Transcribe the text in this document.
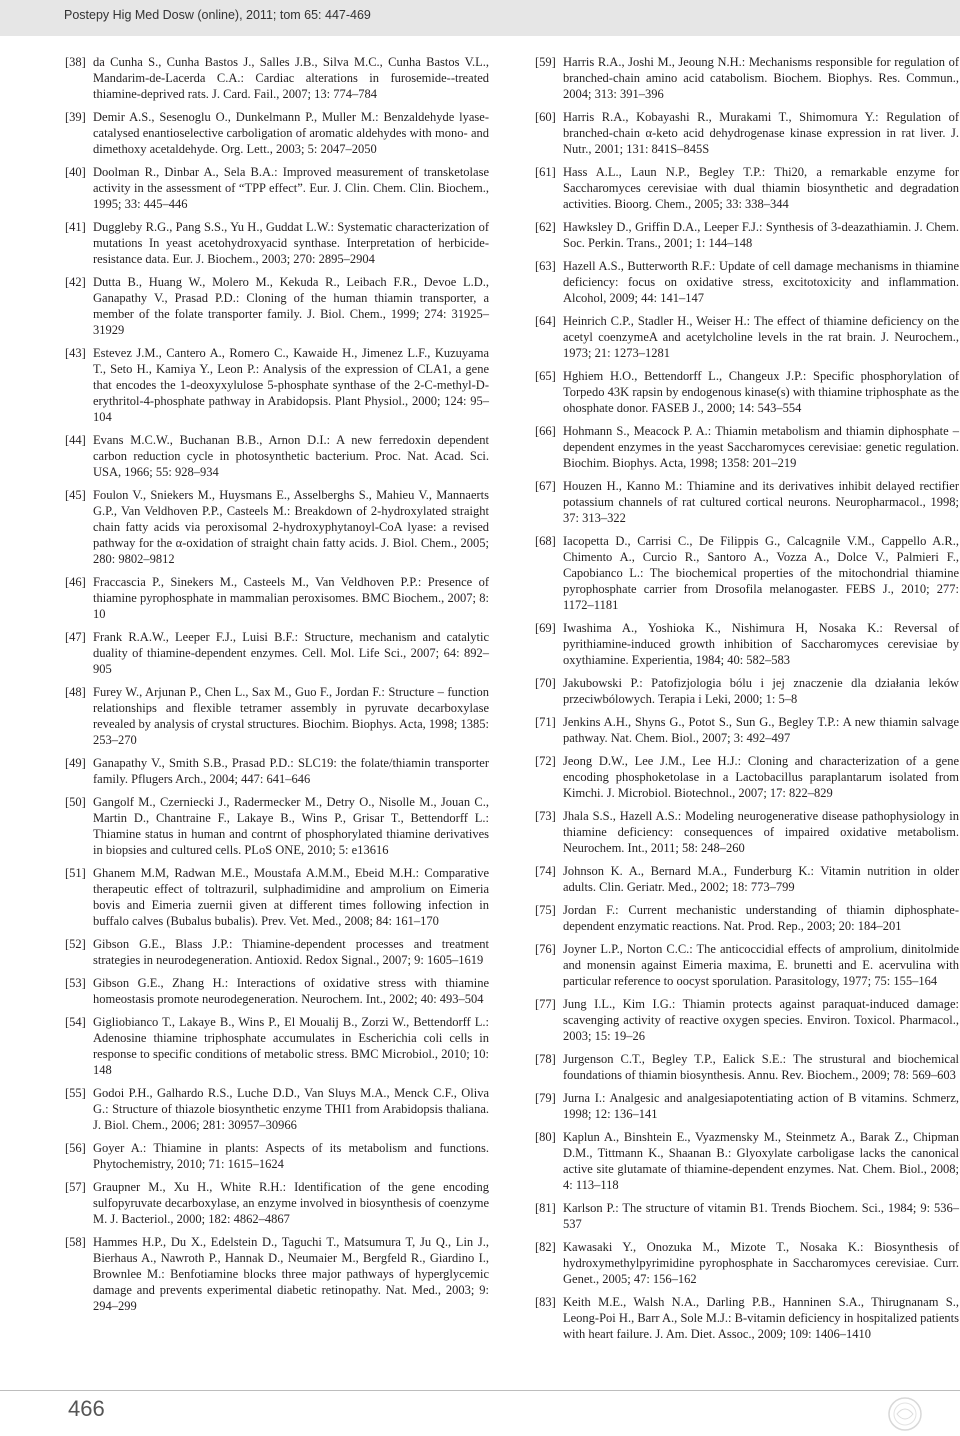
Postepy Hig Med Dosw (online), 2011; tom 65: 447-469

[38] da Cunha S., Cunha Bastos J., Salles J.B., Silva M.C., Cunha Bastos V.L., Mandarim-de-Lacerda C.A.: Cardiac alterations in furosemide--treated thiamine-deprived rats. J. Card. Fail., 2007; 13: 774–784

[39] Demir A.S., Sesenoglu O., Dunkelmann P., Muller M.: Benzaldehyde lyase-catalysed enantioselective carboligation of aromatic aldehydes with mono- and dimethoxy acetaldehyde. Org. Lett., 2003; 5: 2047–2050

[40] Doolman R., Dinbar A., Sela B.A.: Improved measurement of transketolase activity in the assessment of “TPP effect”. Eur. J. Clin. Chem. Clin. Biochem., 1995; 33: 445–446

[41] Duggleby R.G., Pang S.S., Yu H., Guddat L.W.: Systematic characterization of mutations In yeast acetohydroxyacid synthase. Interpretation of herbicide-resistance data. Eur. J. Biochem., 2003; 270: 2895–2904

[42] Dutta B., Huang W., Molero M., Kekuda R., Leibach F.R., Devoe L.D., Ganapathy V., Prasad P.D.: Cloning of the human thiamin transporter, a member of the folate transporter family. J. Biol. Chem., 1999; 274: 31925–31929

[43] Estevez J.M., Cantero A., Romero C., Kawaide H., Jimenez L.F., Kuzuyama T., Seto H., Kamiya Y., Leon P.: Analysis of the expression of CLA1, a gene that encodes the 1-deoxyxylulose 5-phosphate synthase of the 2-C-methyl-D-erythritol-4-phosphate pathway in Arabidopsis. Plant Physiol., 2000; 124: 95–104

[44] Evans M.C.W., Buchanan B.B., Arnon D.I.: A new ferredoxin dependent carbon reduction cycle in photosynthetic bacterium. Proc. Nat. Acad. Sci. USA, 1966; 55: 928–934

[45] Foulon V., Sniekers M., Huysmans E., Asselberghs S., Mahieu V., Mannaerts G.P., Van Veldhoven P.P., Casteels M.: Breakdown of 2-hydroxylated straight chain fatty acids via peroxisomal 2-hydroxyphytanoyl-CoA lyase: a revised pathway for the α-oxidation of straight chain fatty acids. J. Biol. Chem., 2005; 280: 9802–9812

[46] Fraccascia P., Sinekers M., Casteels M., Van Veldhoven P.P.: Presence of thiamine pyrophosphate in mammalian peroxisomes. BMC Biochem., 2007; 8: 10

[47] Frank R.A.W., Leeper F.J., Luisi B.F.: Structure, mechanism and catalytic duality of thiamine-dependent enzymes. Cell. Mol. Life Sci., 2007; 64: 892–905

[48] Furey W., Arjunan P., Chen L., Sax M., Guo F., Jordan F.: Structure – function relationships and flexible tetramer assembly in pyruvate decarboxylase revealed by analysis of crystal structures. Biochim. Biophys. Acta, 1998; 1385: 253–270

[49] Ganapathy V., Smith S.B., Prasad P.D.: SLC19: the folate/thiamin transporter family. Pflugers Arch., 2004; 447: 641–646

[50] Gangolf M., Czerniecki J., Radermecker M., Detry O., Nisolle M., Jouan C., Martin D., Chantraine F., Lakaye B., Wins P., Grisar T., Bettendorff L.: Thiamine status in human and contrnt of phosphorylated thiamine derivatives in biopsies and cultured cells. PLoS ONE, 2010; 5: e13616

[51] Ghanem M.M, Radwan M.E., Moustafa A.M.M., Ebeid M.H.: Comparative therapeutic effect of toltrazuril, sulphadimidine and amprolium on Eimeria bovis and Eimeria zuernii given at different times following infection in buffalo calves (Bubalus bubalis). Prev. Vet. Med., 2008; 84: 161–170

[52] Gibson G.E., Blass J.P.: Thiamine-dependent processes and treatment strategies in neurodegeneration. Antioxid. Redox Signal., 2007; 9: 1605–1619

[53] Gibson G.E., Zhang H.: Interactions of oxidative stress with thiamine homeostasis promote neurodegeneration. Neurochem. Int., 2002; 40: 493–504

[54] Gigliobianco T., Lakaye B., Wins P., El Moualij B., Zorzi W., Bettendorff L.: Adenosine thiamine triphosphate accumulates in Escherichia coli cells in response to specific conditions of metabolic stress. BMC Microbiol., 2010; 10: 148

[55] Godoi P.H., Galhardo R.S., Luche D.D., Van Sluys M.A., Menck C.F., Oliva G.: Structure of thiazole biosynthetic enzyme THI1 from Arabidopsis thaliana. J. Biol. Chem., 2006; 281: 30957–30966

[56] Goyer A.: Thiamine in plants: Aspects of its metabolism and functions. Phytochemistry, 2010; 71: 1615–1624

[57] Graupner M., Xu H., White R.H.: Identification of the gene encoding sulfopyruvate decarboxylase, an enzyme involved in biosynthesis of coenzyme M. J. Bacteriol., 2000; 182: 4862–4867

[58] Hammes H.P., Du X., Edelstein D., Taguchi T., Matsumura T, Ju Q., Lin J., Bierhaus A., Nawroth P., Hannak D., Neumaier M., Bergfeld R., Giardino I., Brownlee M.: Benfotiamine blocks three major pathways of hyperglycemic damage and prevents experimental diabetic retinopathy. Nat. Med., 2003; 9: 294–299

[59] Harris R.A., Joshi M., Jeoung N.H.: Mechanisms responsible for regulation of branched-chain amino acid catabolism. Biochem. Biophys. Res. Commun., 2004; 313: 391–396

[60] Harris R.A., Kobayashi R., Murakami T., Shimomura Y.: Regulation of branched-chain α-keto acid dehydrogenase kinase expression in rat liver. J. Nutr., 2001; 131: 841S–845S

[61] Hass A.L., Laun N.P., Begley T.P.: Thi20, a remarkable enzyme for Saccharomyces cerevisiae with dual thiamin biosynthetic and degradation activities. Bioorg. Chem., 2005; 33: 338–344

[62] Hawksley D., Griffin D.A., Leeper F.J.: Synthesis of 3-deazathiamin. J. Chem. Soc. Perkin. Trans., 2001; 1: 144–148

[63] Hazell A.S., Butterworth R.F.: Update of cell damage mechanisms in thiamine deficiency: focus on oxidative stress, excitotoxicity and inflammation. Alcohol, 2009; 44: 141–147

[64] Heinrich C.P., Stadler H., Weiser H.: The effect of thiamine deficiency on the acetyl coenzymeA and acetylcholine levels in the rat brain. J. Neurochem., 1973; 21: 1273–1281

[65] Hghiem H.O., Bettendorff L., Changeux J.P.: Specific phosphorylation of Torpedo 43K rapsin by endogenous kinase(s) with thiamine triphosphate as the ohosphate donor. FASEB J., 2000; 14: 543–554

[66] Hohmann S., Meacock P. A.: Thiamin metabolism and thiamin diphosphate – dependent enzymes in the yeast Saccharomyces cerevisiae: genetic regulation. Biochim. Biophys. Acta, 1998; 1358: 201–219

[67] Houzen H., Kanno M.: Thiamine and its derivatives inhibit delayed rectifier potassium channels of rat cultured cortical neurons. Neuropharmacol., 1998; 37: 313–322

[68] Iacopetta D., Carrisi C., De Filippis G., Calcagnile V.M., Cappello A.R., Chimento A., Curcio R., Santoro A., Vozza A., Dolce V., Palmieri F., Capobianco L.: The biochemical properties of the mitochondrial thiamine pyrophosphate carrier from Drosofila melanogaster. FEBS J., 2010; 277: 1172–1181

[69] Iwashima A., Yoshioka K., Nishimura H, Nosaka K.: Reversal of pyrithiamine-induced growth inhibition of Saccharomyces cerevisiae by oxythiamine. Experientia, 1984; 40: 582–583

[70] Jakubowski P.: Patofizjologia bólu i jej znaczenie dla działania leków przeciwbólowych. Terapia i Leki, 2000; 1: 5–8

[71] Jenkins A.H., Shyns G., Potot S., Sun G., Begley T.P.: A new thiamin salvage pathway. Nat. Chem. Biol., 2007; 3: 492–497

[72] Jeong D.W., Lee J.M., Lee H.J.: Cloning and characterization of a gene encoding phosphoketolase in a Lactobacillus paraplantarum isolated from Kimchi. J. Microbiol. Biotechnol., 2007; 17: 822–829

[73] Jhala S.S., Hazell A.S.: Modeling neurogenerative disease pathophysiology in thiamine deficiency: consequences of impaired oxidative metabolism. Neurochem. Int., 2011; 58: 248–260

[74] Johnson K. A., Bernard M.A., Funderburg K.: Vitamin nutrition in older adults. Clin. Geriatr. Med., 2002; 18: 773–799

[75] Jordan F.: Current mechanistic understanding of thiamin diphosphate-dependent enzymatic reactions. Nat. Prod. Rep., 2003; 20: 184–201

[76] Joyner L.P., Norton C.C.: The anticoccidial effects of amprolium, dinitolmide and monensin against Eimeria maxima, E. brunetti and E. acervulina with particular reference to oocyst sporulation. Parasitology, 1977; 75: 155–164

[77] Jung I.L., Kim I.G.: Thiamin protects against paraquat-induced damage: scavenging activity of reactive oxygen species. Environ. Toxicol. Pharmacol., 2003; 15: 19–26

[78] Jurgenson C.T., Begley T.P., Ealick S.E.: The strustural and biochemical foundations of thiamin biosynthesis. Annu. Rev. Biochem., 2009; 78: 569–603

[79] Jurna I.: Analgesic and analgesiapotentiating action of B vitamins. Schmerz, 1998; 12: 136–141

[80] Kaplun A., Binshtein E., Vyazmensky M., Steinmetz A., Barak Z., Chipman D.M., Tittmann K., Shaanan B.: Glyoxylate carboligase lacks the canonical active site glutamate of thiamine-dependent enzymes. Nat. Chem. Biol., 2008; 4: 113–118

[81] Karlson P.: The structure of vitamin B1. Trends Biochem. Sci., 1984; 9: 536–537

[82] Kawasaki Y., Onozuka M., Mizote T., Nosaka K.: Biosynthesis of hydroxymethylpyrimidine pyrophosphate in Saccharomyces cerevisiae. Curr. Genet., 2005; 47: 156–162

[83] Keith M.E., Walsh N.A., Darling P.B., Hanninen S.A., Thirugnanam S., Leong-Poi H., Barr A., Sole M.J.: B-vitamin deficiency in hospitalized patients with heart failure. J. Am. Diet. Assoc., 2009; 109: 1406–1410

466
